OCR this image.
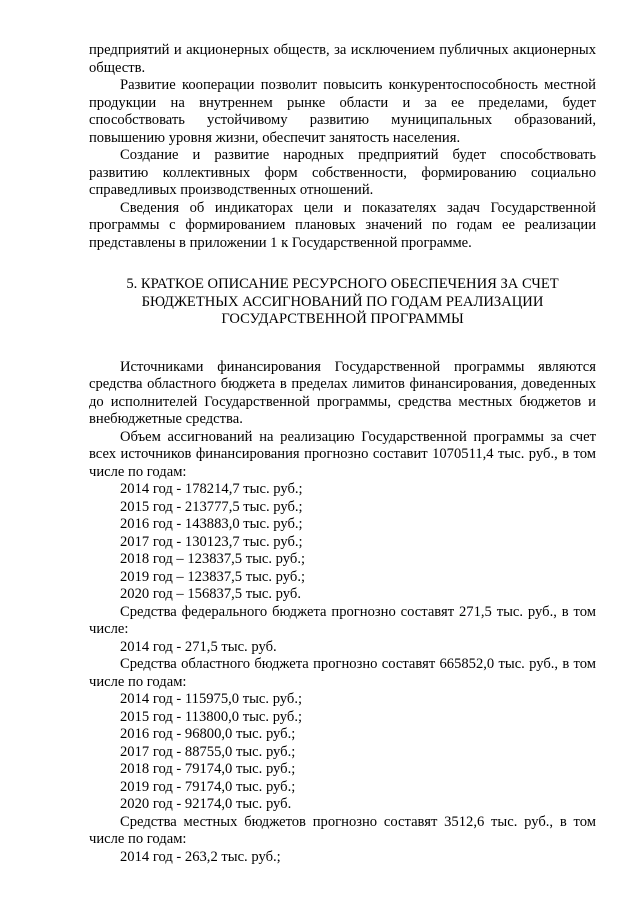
предприятий и акционерных обществ, за исключением публичных акционерных обществ.

Развитие кооперации позволит повысить конкурентоспособность местной продукции на внутреннем рынке области и за ее пределами, будет способствовать устойчивому развитию муниципальных образований, повышению уровня жизни, обеспечит занятость населения.

Создание и развитие народных предприятий будет способствовать развитию коллективных форм собственности, формированию социально справедливых производственных отношений.

Сведения об индикаторах цели и показателях задач Государственной программы с формированием плановых значений по годам ее реализации представлены в приложении 1 к Государственной программе.

5. КРАТКОЕ ОПИСАНИЕ РЕСУРСНОГО ОБЕСПЕЧЕНИЯ ЗА СЧЕТ
БЮДЖЕТНЫХ АССИГНОВАНИЙ ПО ГОДАМ РЕАЛИЗАЦИИ
ГОСУДАРСТВЕННОЙ ПРОГРАММЫ

Источниками финансирования Государственной программы являются средства областного бюджета в пределах лимитов финансирования, доведенных до исполнителей Государственной программы, средства местных бюджетов и внебюджетные средства.

Объем ассигнований на реализацию Государственной программы за счет всех источников финансирования прогнозно составит 1070511,4 тыс. руб., в том числе по годам:

2014 год - 178214,7 тыс. руб.;

2015 год - 213777,5 тыс. руб.;

2016 год - 143883,0 тыс. руб.;

2017 год - 130123,7 тыс. руб.;

2018 год – 123837,5 тыс. руб.;

2019 год – 123837,5 тыс. руб.;

2020 год – 156837,5 тыс. руб.

Средства федерального бюджета прогнозно составят 271,5 тыс. руб., в том числе:

2014 год - 271,5 тыс. руб.

Средства областного бюджета прогнозно составят 665852,0 тыс. руб., в том числе по годам:

2014 год - 115975,0 тыс. руб.;

2015 год - 113800,0 тыс. руб.;

2016 год - 96800,0 тыс. руб.;

2017 год - 88755,0 тыс. руб.;

2018 год - 79174,0 тыс. руб.;

2019 год - 79174,0 тыс. руб.;

2020 год - 92174,0 тыс. руб.

Средства местных бюджетов прогнозно составят 3512,6 тыс. руб., в том числе по годам:

2014 год - 263,2 тыс. руб.;
